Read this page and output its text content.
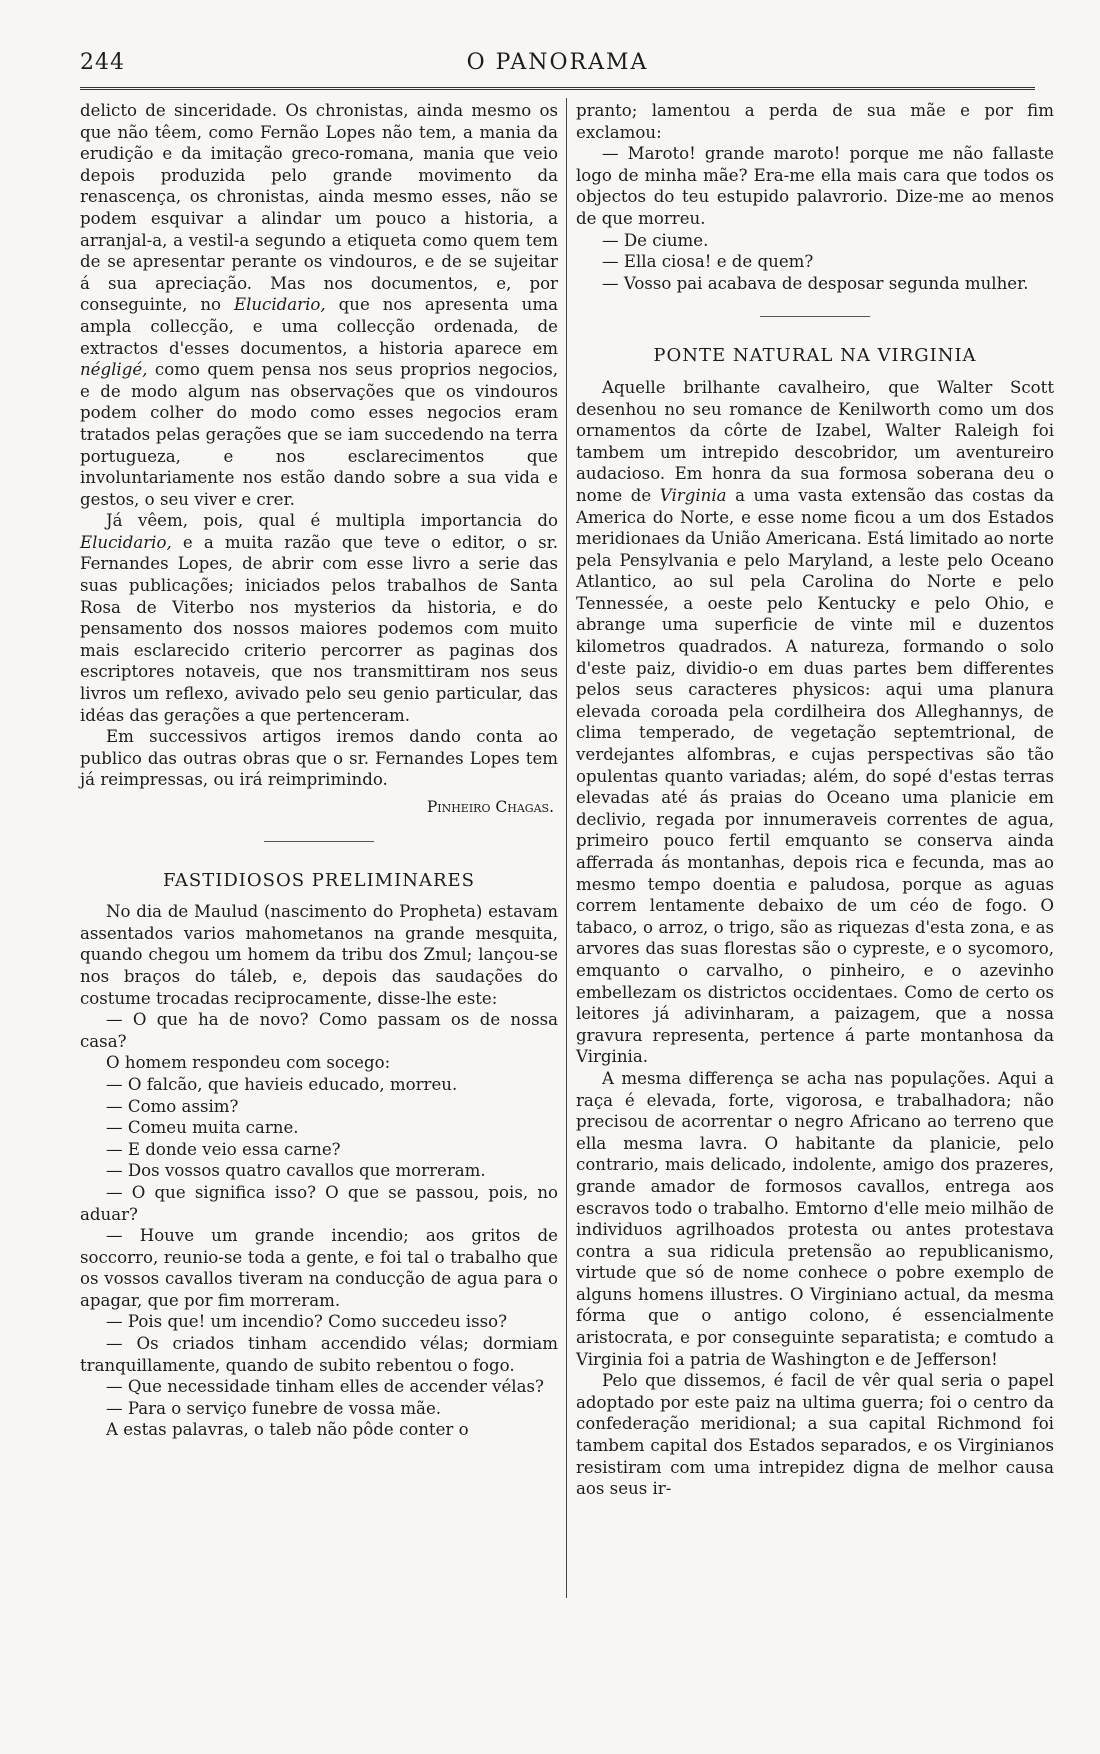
244	O PANORAMA

delicto de sinceridade. Os chronistas, ainda mesmo os que não têem, como Fernão Lopes não tem, a mania da erudição e da imitação greco-romana, mania que veio depois produzida pelo grande movimento da renascença, os chronistas, ainda mesmo esses, não se podem esquivar a alindar um pouco a historia, a arranjal-a, a vestil-a segundo a etiqueta como quem tem de se apresentar perante os vindouros, e de se sujeitar á sua apreciação. Mas nos documentos, e, por conseguinte, no Elucidario, que nos apresenta uma ampla collecção, e uma collecção ordenada, de extractos d'esses documentos, a historia aparece em négligé, como quem pensa nos seus proprios negocios, e de modo algum nas observações que os vindouros podem colher do modo como esses negocios eram tratados pelas gerações que se iam succedendo na terra portugueza, e nos esclarecimentos que involuntariamente nos estão dando sobre a sua vida e gestos, o seu viver e crer.

Já vêem, pois, qual é multipla importancia do Elucidario, e a muita razão que teve o editor, o sr. Fernandes Lopes, de abrir com esse livro a serie das suas publicações; iniciados pelos trabalhos de Santa Rosa de Viterbo nos mysterios da historia, e do pensamento dos nossos maiores podemos com muito mais esclarecido criterio percorrer as paginas dos escriptores notaveis, que nos transmittiram nos seus livros um reflexo, avivado pelo seu genio particular, das idéas das gerações a que pertenceram.

Em successivos artigos iremos dando conta ao publico das outras obras que o sr. Fernandes Lopes tem já reimpressas, ou irá reimprimindo.

Pinheiro Chagas.
FASTIDIOSOS PRELIMINARES

No dia de Maulud (nascimento do Propheta) estavam assentados varios mahometanos na grande mesquita, quando chegou um homem da tribu dos Zmul; lançou-se nos braços do táleb, e, depois das saudações do costume trocadas reciprocamente, disse-lhe este:

— O que ha de novo? Como passam os de nossa casa?

O homem respondeu com socego:

— O falcão, que havieis educado, morreu.

— Como assim?

— Comeu muita carne.

— E donde veio essa carne?

— Dos vossos quatro cavallos que morreram.

— O que significa isso? O que se passou, pois, no aduar?

— Houve um grande incendio; aos gritos de soccorro, reunio-se toda a gente, e foi tal o trabalho que os vossos cavallos tiveram na conducção de agua para o apagar, que por fim morreram.

— Pois que! um incendio? Como succedeu isso?

— Os criados tinham accendido vélas; dormiam tranquillamente, quando de subito rebentou o fogo.

— Que necessidade tinham elles de accender vélas?

— Para o serviço funebre de vossa mãe.

A estas palavras, o taleb não pôde conter o

pranto; lamentou a perda de sua mãe e por fim exclamou:

— Maroto! grande maroto! porque me não fallaste logo de minha mãe? Era-me ella mais cara que todos os objectos do teu estupido palavrorio. Dize-me ao menos de que morreu.

— De ciume.

— Ella ciosa! e de quem?

— Vosso pai acabava de desposar segunda mulher.

PONTE NATURAL NA VIRGINIA

Aquelle brilhante cavalheiro, que Walter Scott desenhou no seu romance de Kenilworth como um dos ornamentos da côrte de Izabel, Walter Raleigh foi tambem um intrepido descobridor, um aventureiro audacioso. Em honra da sua formosa soberana deu o nome de Virginia a uma vasta extensão das costas da America do Norte, e esse nome ficou a um dos Estados meridionaes da União Americana. Está limitado ao norte pela Pensylvania e pelo Maryland, a leste pelo Oceano Atlantico, ao sul pela Carolina do Norte e pelo Tennessée, a oeste pelo Kentucky e pelo Ohio, e abrange uma superficie de vinte mil e duzentos kilometros quadrados. A natureza, formando o solo d'este paiz, dividio-o em duas partes bem differentes pelos seus caracteres physicos: aqui uma planura elevada coroada pela cordilheira dos Alleghannys, de clima temperado, de vegetação septemtrional, de verdejantes alfombras, e cujas perspectivas são tão opulentas quanto variadas; além, do sopé d'estas terras elevadas até ás praias do Oceano uma planicie em declivio, regada por innumeraveis correntes de agua, primeiro pouco fertil emquanto se conserva ainda afferrada ás montanhas, depois rica e fecunda, mas ao mesmo tempo doentia e paludosa, porque as aguas correm lentamente debaixo de um céo de fogo. O tabaco, o arroz, o trigo, são as riquezas d'esta zona, e as arvores das suas florestas são o cypreste, e o sycomoro, emquanto o carvalho, o pinheiro, e o azevinho embellezam os districtos occidentaes. Como de certo os leitores já adivinharam, a paizagem, que a nossa gravura representa, pertence á parte montanhosa da Virginia.

A mesma differença se acha nas populações. Aqui a raça é elevada, forte, vigorosa, e trabalhadora; não precisou de acorrentar o negro Africano ao terreno que ella mesma lavra. O habitante da planicie, pelo contrario, mais delicado, indolente, amigo dos prazeres, grande amador de formosos cavallos, entrega aos escravos todo o trabalho. Emtorno d'elle meio milhão de individuos agrilhoados protesta ou antes protestava contra a sua ridicula pretensão ao republicanismo, virtude que só de nome conhece o pobre exemplo de alguns homens illustres. O Virginiano actual, da mesma fórma que o antigo colono, é essencialmente aristocrata, e por conseguinte separatista; e comtudo a Virginia foi a patria de Washington e de Jefferson!

Pelo que dissemos, é facil de vêr qual seria o papel adoptado por este paiz na ultima guerra; foi o centro da confederação meridional; a sua capital Richmond foi tambem capital dos Estados separados, e os Virginianos resistiram com uma intrepidez digna de melhor causa aos seus ir-
